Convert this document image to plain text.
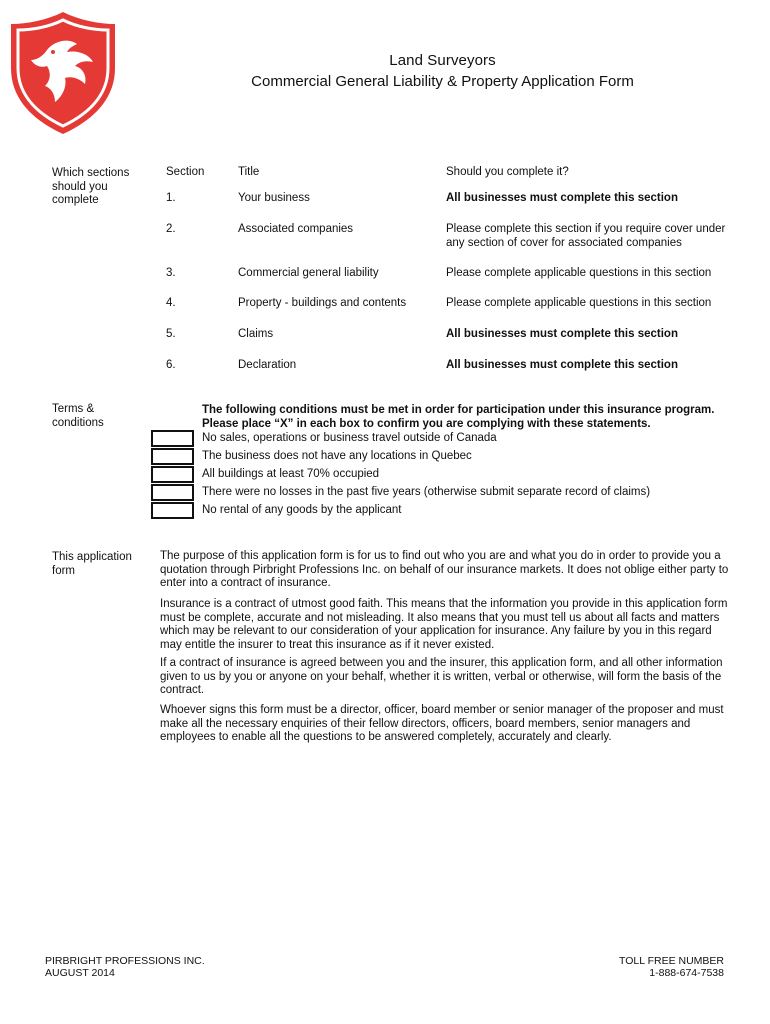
Land Surveyors
Commercial General Liability & Property Application Form
Which sections should you complete
Section	Title	Should you complete it?
1.	Your business	All businesses must complete this section
2.	Associated companies	Please complete this section if you require cover under any section of cover for associated companies
3.	Commercial general liability	Please complete applicable questions in this section
4.	Property - buildings and contents	Please complete applicable questions in this section
5.	Claims	All businesses must complete this section
6.	Declaration	All businesses must complete this section
Terms & conditions
The following conditions must be met in order for participation under this insurance program. Please place “X” in each box to confirm you are complying with these statements.
No sales, operations or business travel outside of Canada
The business does not have any locations in Quebec
All buildings at least 70% occupied
There were no losses in the past five years (otherwise submit separate record of claims)
No rental of any goods by the applicant
This application form
The purpose of this application form is for us to find out who you are and what you do in order to provide you a quotation through Pirbright Professions Inc. on behalf of our insurance markets. It does not oblige either party to enter into a contract of insurance.
Insurance is a contract of utmost good faith. This means that the information you provide in this application form must be complete, accurate and not misleading. It also means that you must tell us about all facts and matters which may be relevant to our consideration of your application for insurance. Any failure by you in this regard may entitle the insurer to treat this insurance as if it never existed.
If a contract of insurance is agreed between you and the insurer, this application form, and all other information given to us by you or anyone on your behalf, whether it is written, verbal or otherwise, will form the basis of the contract.
Whoever signs this form must be a director, officer, board member or senior manager of the proposer and must make all the necessary enquiries of their fellow directors, officers, board members, senior managers and employees to enable all the questions to be answered completely, accurately and clearly.
PIRBRIGHT PROFESSIONS INC.
AUGUST 2014
TOLL FREE NUMBER
1-888-674-7538
